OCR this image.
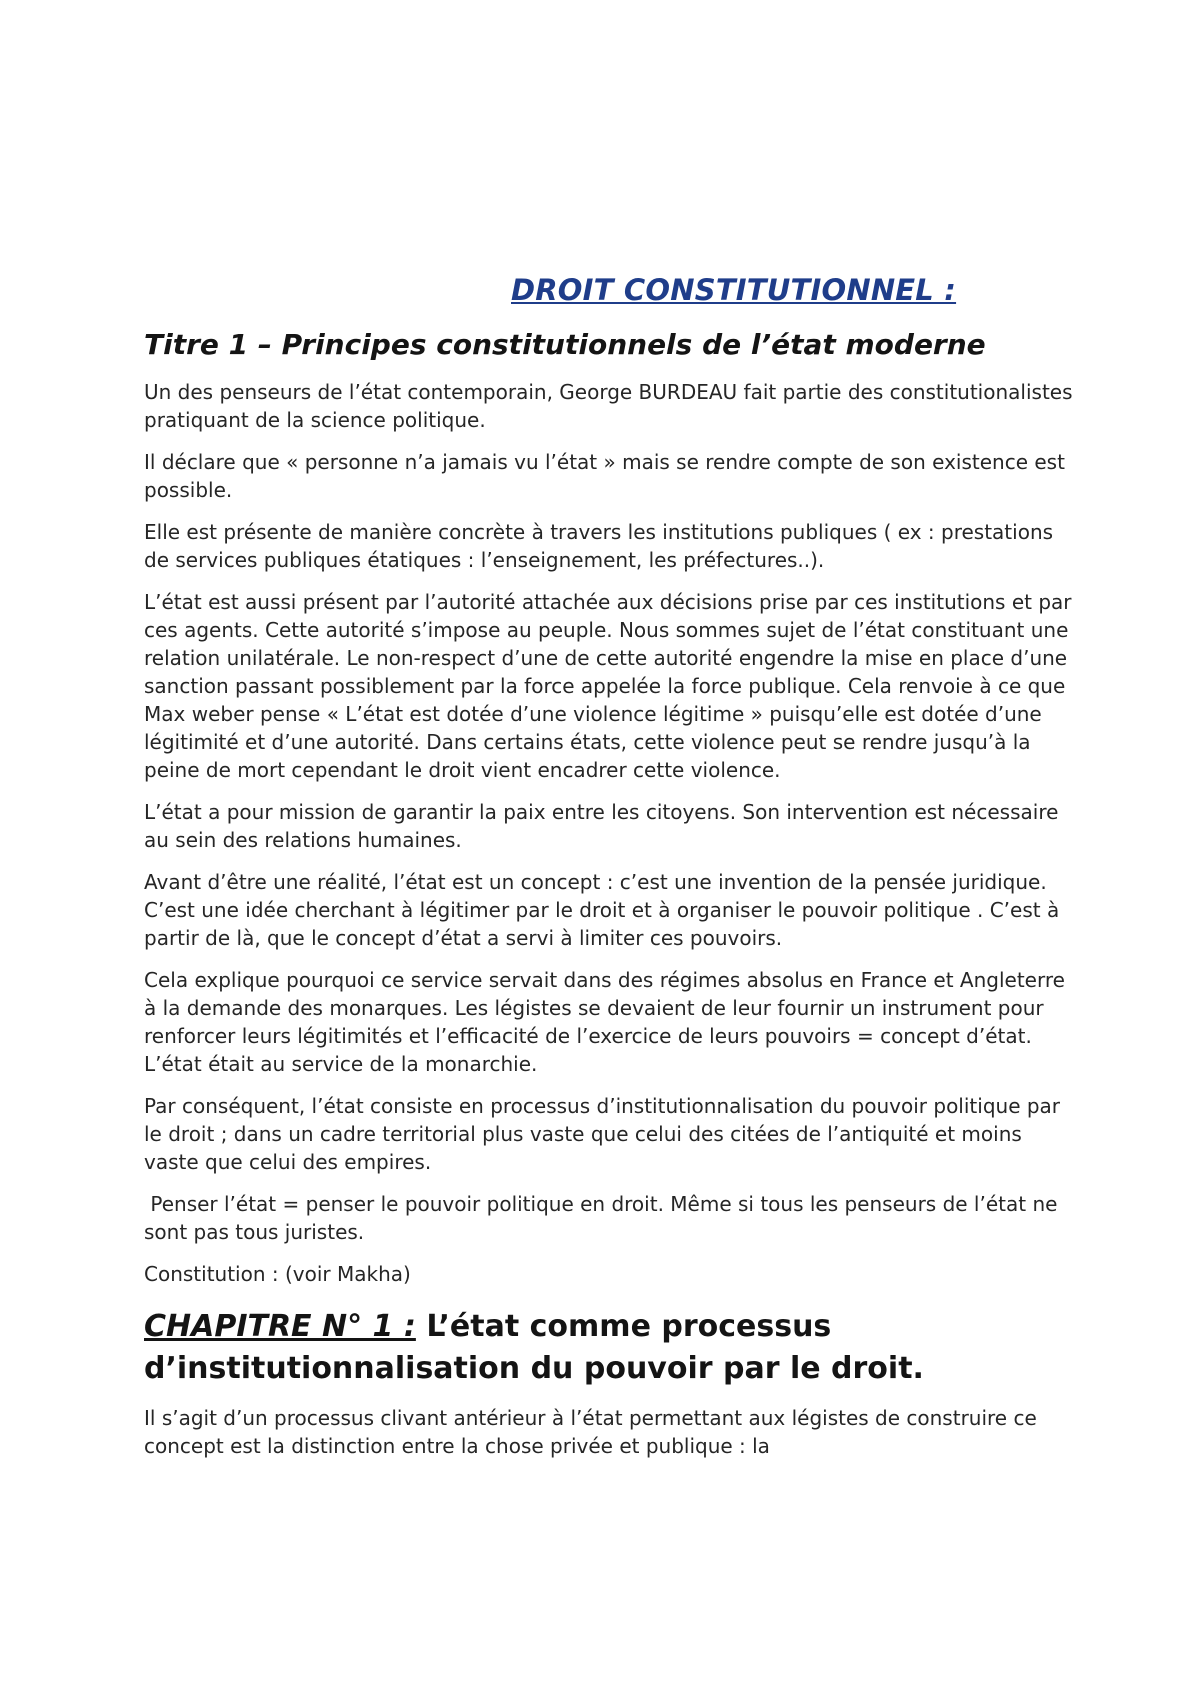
DROIT CONSTITUTIONNEL :
Titre 1 – Principes constitutionnels de l’état moderne

Un des penseurs de l’état contemporain, George BURDEAU fait partie des constitutionalistes pratiquant de la science politique.

Il déclare que « personne n’a jamais vu l’état » mais se rendre compte de son existence est possible.

Elle est présente de manière concrète à travers les institutions publiques ( ex : prestations de services publiques étatiques : l’enseignement, les préfectures..).

L’état est aussi présent par l’autorité attachée aux décisions prise par ces institutions et par ces agents. Cette autorité s’impose au peuple. Nous sommes sujet de l’état constituant une relation unilatérale. Le non-respect d’une de cette autorité engendre la mise en place d’une sanction passant possiblement par la force appelée la force publique. Cela renvoie à ce que Max weber pense « L’état est dotée d’une violence légitime » puisqu’elle est dotée d’une légitimité et d’une autorité. Dans certains états, cette violence peut se rendre jusqu’à la peine de mort cependant le droit vient encadrer cette violence.

L’état a pour mission de garantir la paix entre les citoyens. Son intervention est nécessaire au sein des relations humaines.

Avant d’être une réalité, l’état est un concept : c’est une invention de la pensée juridique. C’est une idée cherchant à légitimer par le droit et à organiser le pouvoir politique . C’est à partir de là, que le concept d’état a servi à limiter ces pouvoirs.

Cela explique pourquoi ce service servait dans des régimes absolus en France et Angleterre à la demande des monarques. Les légistes se devaient de leur fournir un instrument pour renforcer leurs légitimités et l’efficacité de l’exercice de leurs pouvoirs = concept d’état. L’état était au service de la monarchie.

Par conséquent, l’état consiste en processus d’institutionnalisation du pouvoir politique par le droit ; dans un cadre territorial plus vaste que celui des citées de l’antiquité et moins vaste que celui des empires.

Penser l’état = penser le pouvoir politique en droit. Même si tous les penseurs de l’état ne sont pas tous juristes.

Constitution : (voir Makha)

CHAPITRE N° 1 : L’état comme processus d’institutionnalisation du pouvoir par le droit.

Il s’agit d’un processus clivant antérieur à l’état permettant aux légistes de construire ce concept est la distinction entre la chose privée et publique : la
